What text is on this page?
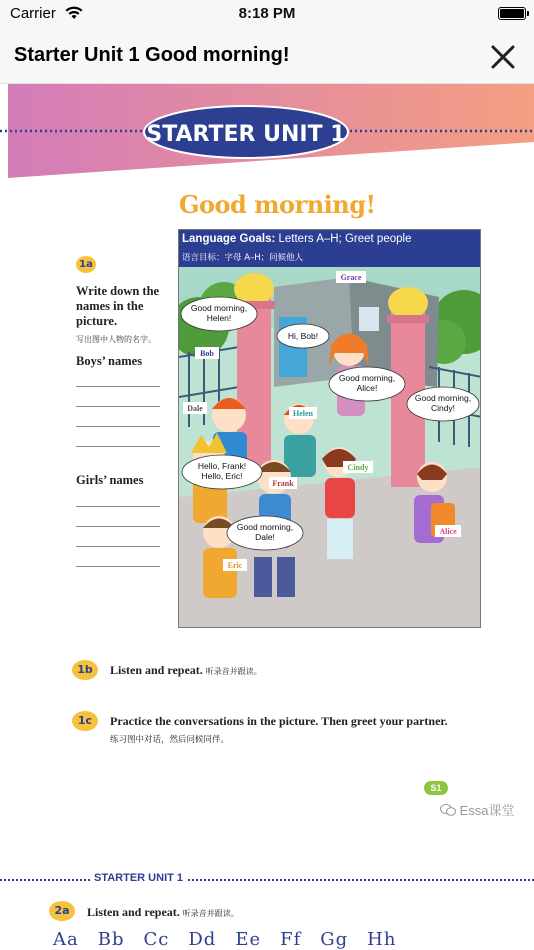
Carrier	8:18 PM
Starter Unit 1 Good morning!
STARTER UNIT 1
Good morning!
1a
Write down the names in the picture.
写出图中人物的名字。
Boys’ names
Girls’ names
Language Goals: Letters A–H; Greet people
语言目标：字母 A–H；问候他人
Good morning,
Helen!
Hi, Bob!
Good morning,
Alice!
Good morning,
Cindy!
Hello, Frank!
Hello, Eric!
Good morning,
Dale!
Grace
Bob
Dale
Helen
Cindy
Frank
Alice
Eric
1b	Listen and repeat. 听录音并跟读。
1c	Practice the conversations in the picture. Then greet your partner.
练习图中对话，然后问候同伴。
S1
Essa课堂
STARTER UNIT 1
2a	Listen and repeat. 听录音并跟读。
Aa Bb Cc Dd Ee Ff Gg Hh
